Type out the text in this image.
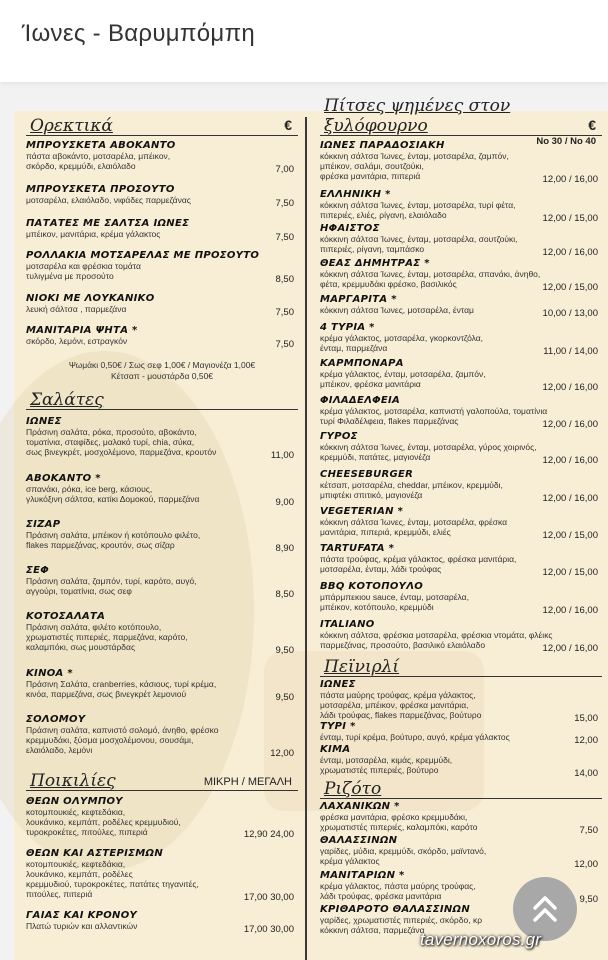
Ίωνες - Βαρυμπόμπη
Ορεκτικά	€
ΜΠΡΟΥΣΚΕΤΑ ΑΒΟΚΑΝΤΟ
πάστα αβοκάντο, μοτσαρέλα, μπέικον,
σκόρδο, κρεμμύδι, ελαιόλαδο	7,00
ΜΠΡΟΥΣΚΕΤΑ ΠΡΟΣΟΥΤΟ
μοτσαρέλα, ελαιόλαδο, νιφάδες παρμεζάνας	7,50
ΠΑΤΑΤΕΣ ΜΕ ΣΑΛΤΣΑ ΙΩΝΕΣ
μπέικον, μανιτάρια, κρέμα γάλακτος	7,50
ΡΟΛΛΑΚΙΑ ΜΟΤΣΑΡΕΛΑΣ ΜΕ ΠΡΟΣΟΥΤΟ
μοτσαρέλα και φρέσκια τομάτα
τυλιγμένα με προσούτο	8,50
ΝΙΟΚΙ ΜΕ ΛΟΥΚΑΝΙΚΟ
λευκή σάλτσα , παρμεζάνα	7,50
ΜΑΝΙΤΑΡΙΑ ΨΗΤΑ *
σκόρδο, λεμόνι, εστραγκόν	7,50
Ψωμάκι 0,50€ / Σως σεφ 1,00€ / Μαγιονέζα 1,00€
Κέτσαπ - μουστάρδα 0,50€
Σαλάτες
ΙΩΝΕΣ
Πράσινη σαλάτα, ρόκα, προσούτο, αβοκάντο,
τοματίνια, σταφίδες, μαλακό τυρί, chia, σύκα,
σως βινεγκρέτ, μοσχολέμονο, παρμεζάνα, κρουτόν	11,00
ΑΒΟΚΑΝΤΟ *
σπανάκι, ρόκα, ice berg, κάσιους,
γλυκόξινη σάλτσα, κατίκι Δομοκού, παρμεζάνα	9,00
ΣΙΖΑΡ
Πράσινη σαλάτα, μπέικον ή κοτόπουλο φιλέτο,
flakes παρμεζάνας, κρουτόν, σως σίζαρ	8,90
ΣΕΦ
Πράσινη σαλάτα, ζαμπόν, τυρί, καρότο, αυγό,
αγγούρι, τοματίνια, σως σεφ	8,50
ΚΟΤΟΣΑΛΑΤΑ
Πράσινη σαλάτα, φιλέτο κοτόπουλο,
χρωματιστές πιπεριές, παρμεζάνα, καρότο,
καλαμπόκι, σως μουστάρδας	9,50
ΚΙΝΟΑ *
Πράσινη Σαλάτα, cranberries, κάσιους, τυρί κρέμα,
κινόα, παρμεζάνα, σως βινεγκρέτ λεμονιού	9,50
ΣΟΛΟΜΟΥ
Πράσινη σαλάτα, καπνιστό σολομό, άνηθο, φρέσκο
κρεμμυδάκι, ξύσμα μοσχολέμονου, σουσάμι,
ελαιόλαδο, λεμόνι	12,00
Ποικιλίες	ΜΙΚΡΗ / ΜΕΓΑΛΗ
ΘΕΩΝ ΟΛΥΜΠΟΥ
κοτομπουκιές, κεφτεδάκια,
λουκάνικο, κεμπάπ, ροδέλες κρεμμυδιού,
τυροκροκέτες, πιτούλες, πιπεριά	12,90 24,00
ΘΕΩΝ ΚΑΙ ΑΣΤΕΡΙΣΜΩΝ
κοτομπουκιές, κεφτεδάκια,
λουκάνικο, κεμπάπ, ροδέλες
κρεμμυδιού, τυροκροκέτες, πατάτες τηγανιτές,
πιτούλες, πιπεριά	17,00 30,00
ΓΑΙΑΣ ΚΑΙ ΚΡΟΝΟΥ
Πλατώ τυριών και αλλαντικών	17,00 30,00
Πίτσες ψημένες στον ξυλόφουρνο	€
No 30 / No 40
ΙΩΝΕΣ ΠΑΡΑΔΟΣΙΑΚΗ
κόκκινη σάλτσα Ίωνες, ένταμ, μοτσαρέλα, ζαμπόν,
μπέικον, σαλάμι, σουτζούκι,
φρέσκα μανιτάρια, πιπεριά	12,00 / 16,00
ΕΛΛΗΝΙΚΗ *
κόκκινη σάλτσα Ίωνες, ένταμ, μοτσαρέλα, τυρί φέτα,
πιπεριές, ελιές, ρίγανη, ελαιόλαδο	12,00 / 15,00
ΗΦΑΙΣΤΟΣ
κόκκινη σάλτσα Ίωνες, ένταμ, μοτσαρέλα, σουτζούκι,
πιπεριές, ρίγανη, ταμπάσκο	12,00 / 16,00
ΘΕΑΣ ΔΗΜΗΤΡΑΣ *
κόκκινη σάλτσα Ίωνες, ένταμ, μοτσαρέλα, σπανάκι, άνηθο,
φέτα, κρεμμυδάκι φρέσκο, βασιλικός	12,00 / 15,00
ΜΑΡΓΑΡΙΤΑ *
κόκκινη σάλτσα Ίωνες, μοτσαρέλα, ένταμ	10,00 / 13,00
4 ΤΥΡΙΑ *
κρέμα γάλακτος, μοτσαρέλα, γκορκοντζόλα,
ένταμ, παρμεζάνα	11,00 / 14,00
ΚΑΡΜΠΟΝΑΡΑ
κρέμα γάλακτος, ένταμ, μοτσαρέλα, ζαμπόν,
μπέικον, φρέσκα μανιτάρια	12,00 / 16,00
ΦΙΛΑΔΕΛΦΕΙΑ
κρέμα γάλακτος, μοτσαρέλα, καπνιστή γαλοπούλα, τοματίνια
τυρί Φιλαδέλφεια, flakes παρμεζάνας	12,00 / 16,00
ΓΥΡΟΣ
κόκκινη σάλτσα Ίωνες, ένταμ, μοτσαρέλα, γύρος χοιρινός,
κρεμμύδι, πατάτες, μαγιονέζα	12,00 / 16,00
CHEESEBURGER
κέτσαπ, μοτσαρέλα, cheddar, μπέικον, κρεμμύδι,
μπιφτέκι σπιτικό, μαγιονέζα	12,00 / 16,00
VEGETERIAN *
κόκκινη σάλτσα Ίωνες, ένταμ, μοτσαρέλα, φρέσκα
μανιτάρια, πιπεριά, κρεμμύδι, ελιές	12,00 / 15,00
TARTUFATA *
πάστα τρούφας, κρέμα γάλακτος, φρέσκα μανιτάρια,
μοτσαρέλα, ένταμ, λάδι τρούφας	12,00 / 15,00
BBQ ΚΟΤΟΠΟΥΛΟ
μπάρμπεκιου sauce, ένταμ, μοτσαρέλα,
μπέικον, κοτόπουλο, κρεμμύδι	12,00 / 16,00
ITALIANO
κόκκινη σάλτσα, φρέσκια μοτσαρέλα, φρέσκια ντομάτα, φλέικς
παρμεζάνας, προσούτο, βασιλικό ελαιόλαδο	12,00 / 16,00
Πεϊνιρλί
ΙΩΝΕΣ
πάστα μαύρης τρούφας, κρέμα γάλακτος,
μοτσαρέλα, μπέικον, φρέσκα μανιτάρια,
λάδι τρούφας, flakes παρμεζάνας, βούτυρο	15,00
ΤΥΡΙ *
ένταμ, τυρί κρέμα, βούτυρο, αυγό, κρέμα γάλακτος	12,00
ΚΙΜΑ
ένταμ, μοτσαρέλα, κιμάς, κρεμμύδι,
χρωματιστές πιπεριές, βούτυρο	14,00
Ριζότο
ΛΑΧΑΝΙΚΩΝ *
φρέσκα μανιτάρια, φρέσκο κρεμμυδάκι,
χρωματιστές πιπεριές, καλαμπόκι, καρότο	7,50
ΘΑΛΑΣΣΙΝΩΝ
γαρίδες, μύδια, κρεμμύδι, σκόρδο, μαϊντανό,
κρέμα γάλακτος	12,00
ΜΑΝΙΤΑΡΙΩΝ *
κρέμα γάλακτος, πάστα μαύρης τρούφας,
λάδι τρούφας, φρέσκα μανιτάρια	9,50
ΚΡΙΘΑΡΟΤΟ ΘΑΛΑΣΣΙΝΩΝ
γαρίδες, χρωματιστές πιπεριές, σκόρδο, κρ
κόκκινη σάλτσα, παρμεζάνα
tavernoxoros.gr
